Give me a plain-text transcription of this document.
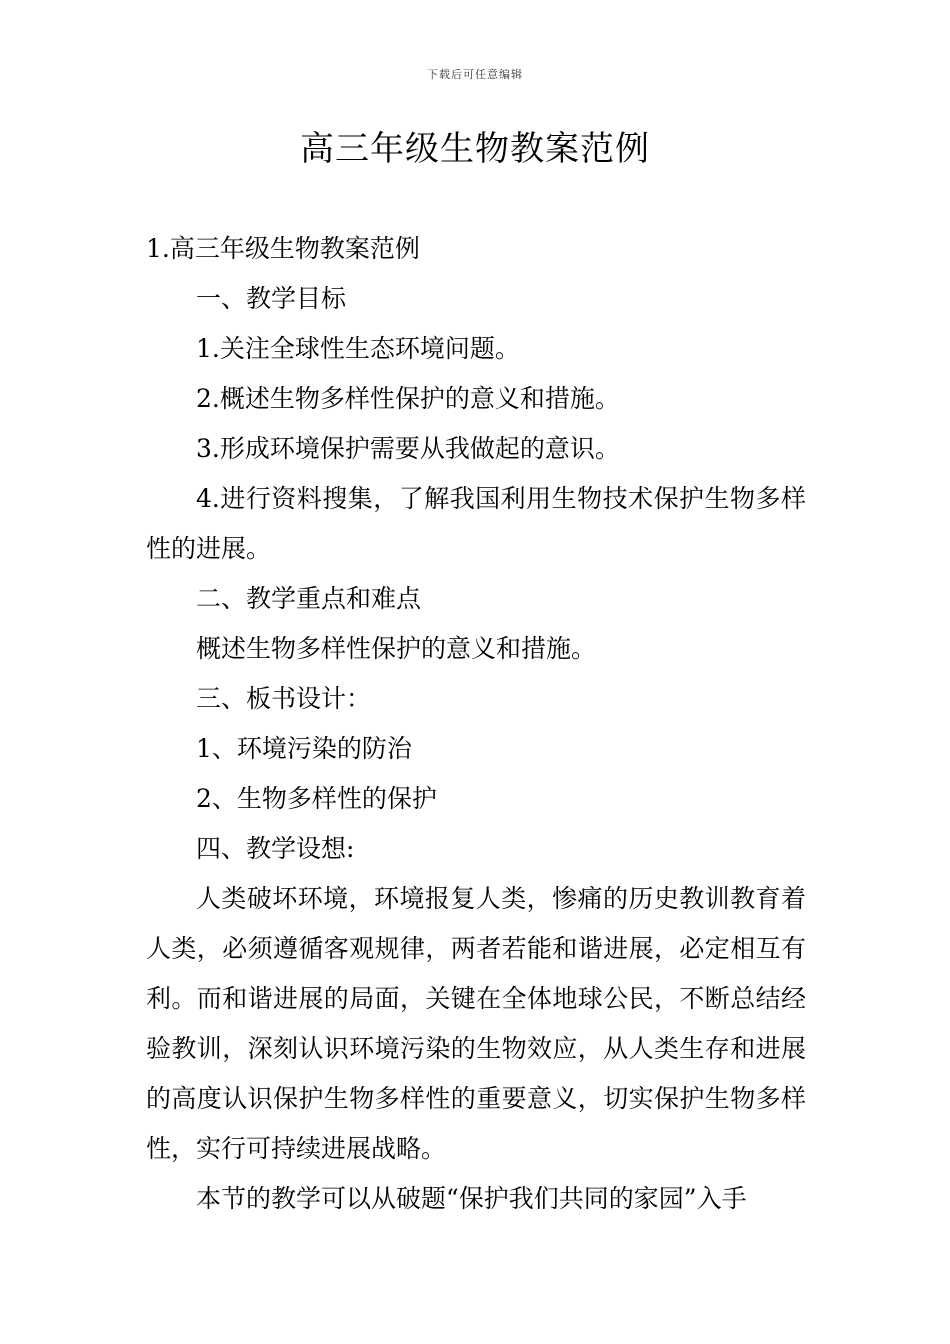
下载后可任意编辑
高三年级生物教案范例

1.高三年级生物教案范例

一、教学目标

1.关注全球性生态环境问题。

2.概述生物多样性保护的意义和措施。

3.形成环境保护需要从我做起的意识。

4.进行资料搜集，了解我国利用生物技术保护生物多样性的进展。

二、教学重点和难点

概述生物多样性保护的意义和措施。

三、板书设计：

1、环境污染的防治

2、生物多样性的保护

四、教学设想:

人类破坏环境，环境报复人类，惨痛的历史教训教育着人类，必须遵循客观规律，两者若能和谐进展，必定相互有利。而和谐进展的局面，关键在全体地球公民，不断总结经验教训，深刻认识环境污染的生物效应，从人类生存和进展的高度认识保护生物多样性的重要意义，切实保护生物多样性，实行可持续进展战略。

本节的教学可以从破题“保护我们共同的家园”入手
